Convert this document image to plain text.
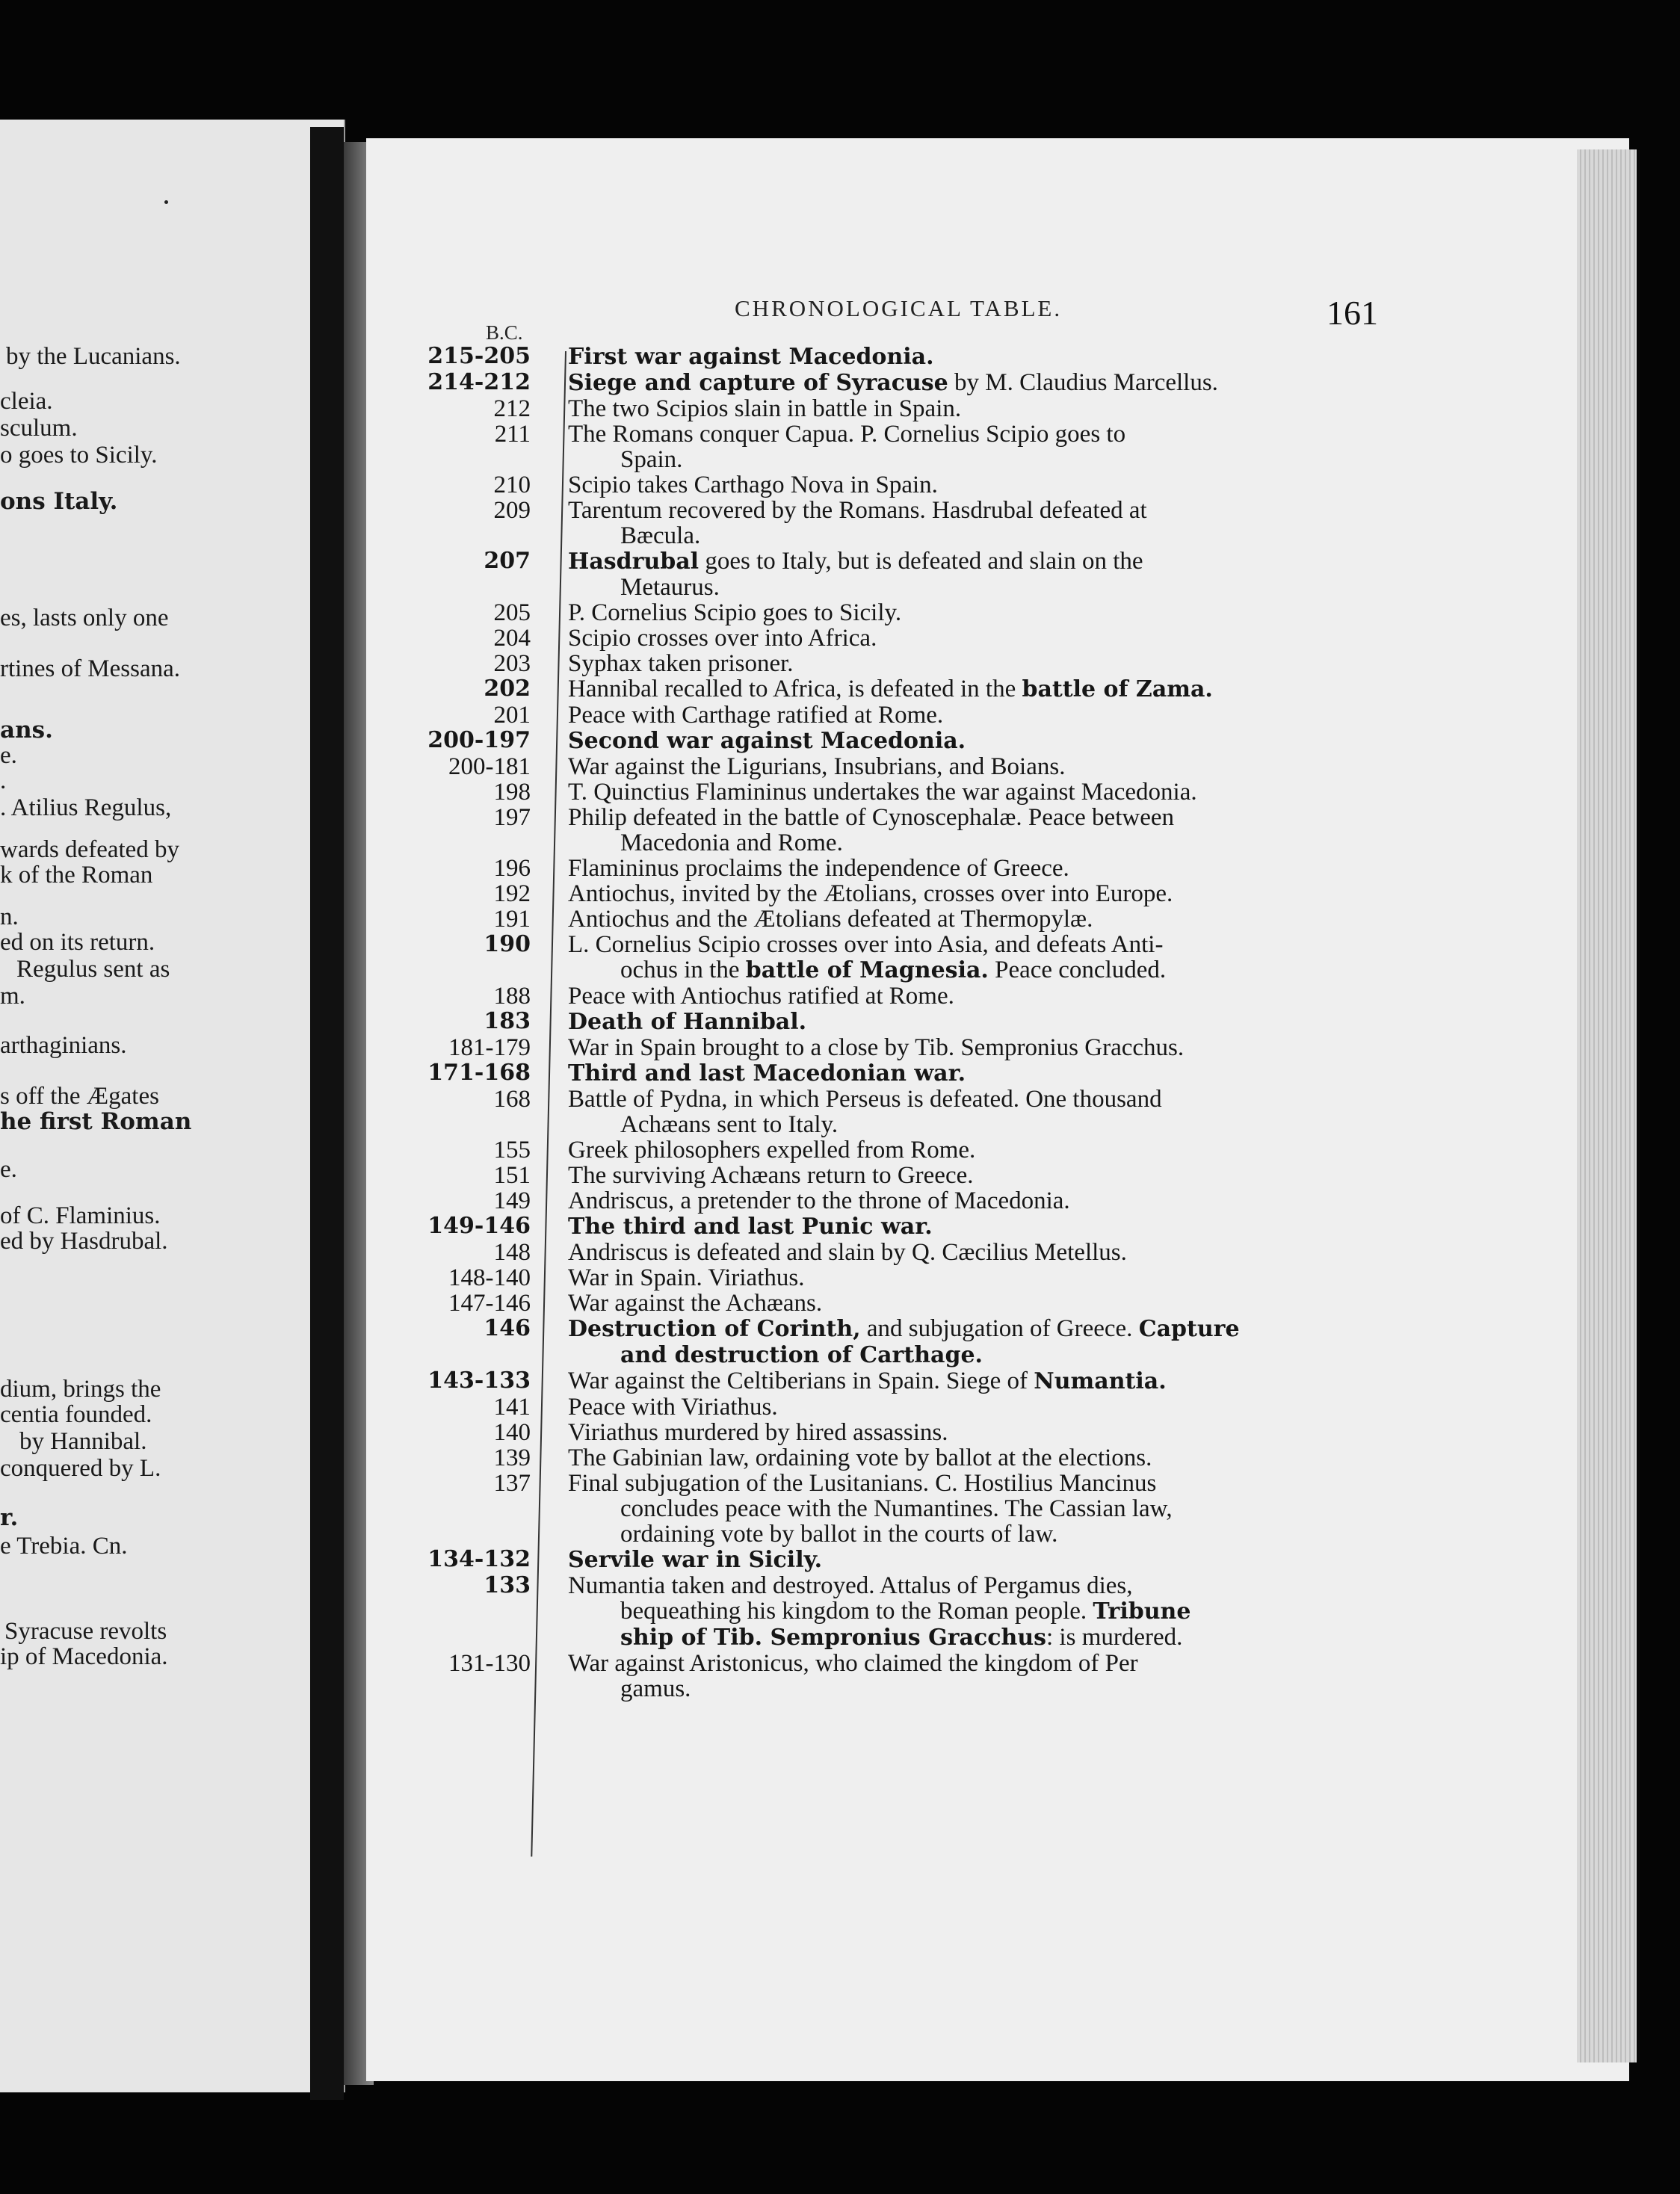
by the Lucanians.
cleia.
sculum.
o goes to Sicily.
ons Italy.
es, lasts only one
rtines of Messana.
ans.
e.
.
. Atilius Regulus,
wards defeated by
k of the Roman
n.
ed on its return.
Regulus sent as
m.
arthaginians.
s off the Ægates
he first Roman
e.
of C. Flaminius.
ed by Hasdrubal.
dium, brings the
centia founded.
by Hannibal.
conquered by L.
r.
e Trebia. Cn.
Syracuse revolts
ip of Macedonia.
CHRONOLOGICAL TABLE.	161
B.C.
215-205 First war against Macedonia.
214-212 Siege and capture of Syracuse by M. Claudius Marcellus.
212 The two Scipios slain in battle in Spain.
211 The Romans conquer Capua. P. Cornelius Scipio goes to
Spain.
210 Scipio takes Carthago Nova in Spain.
209 Tarentum recovered by the Romans. Hasdrubal defeated at
Bæcula.
207 Hasdrubal goes to Italy, but is defeated and slain on the
Metaurus.
205 P. Cornelius Scipio goes to Sicily.
204 Scipio crosses over into Africa.
203 Syphax taken prisoner.
202 Hannibal recalled to Africa, is defeated in the battle of Zama.
201 Peace with Carthage ratified at Rome.
200-197 Second war against Macedonia.
200-181 War against the Ligurians, Insubrians, and Boians.
198 T. Quinctius Flamininus undertakes the war against Macedonia.
197 Philip defeated in the battle of Cynoscephalæ. Peace between
Macedonia and Rome.
196 Flamininus proclaims the independence of Greece.
192 Antiochus, invited by the Ætolians, crosses over into Europe.
191 Antiochus and the Ætolians defeated at Thermopylæ.
190 L. Cornelius Scipio crosses over into Asia, and defeats Anti-
ochus in the battle of Magnesia. Peace concluded.
188 Peace with Antiochus ratified at Rome.
183 Death of Hannibal.
181-179 War in Spain brought to a close by Tib. Sempronius Gracchus.
171-168 Third and last Macedonian war.
168 Battle of Pydna, in which Perseus is defeated. One thousand
Achæans sent to Italy.
155 Greek philosophers expelled from Rome.
151 The surviving Achæans return to Greece.
149 Andriscus, a pretender to the throne of Macedonia.
149-146 The third and last Punic war.
148 Andriscus is defeated and slain by Q. Cæcilius Metellus.
148-140 War in Spain. Viriathus.
147-146 War against the Achæans.
146 Destruction of Corinth, and subjugation of Greece. Capture
and destruction of Carthage.
143-133 War against the Celtiberians in Spain. Siege of Numantia.
141 Peace with Viriathus.
140 Viriathus murdered by hired assassins.
139 The Gabinian law, ordaining vote by ballot at the elections.
137 Final subjugation of the Lusitanians. C. Hostilius Mancinus
concludes peace with the Numantines. The Cassian law,
ordaining vote by ballot in the courts of law.
134-132 Servile war in Sicily.
133 Numantia taken and destroyed. Attalus of Pergamus dies,
bequeathing his kingdom to the Roman people. Tribune
ship of Tib. Sempronius Gracchus: is murdered.
131-130 War against Aristonicus, who claimed the kingdom of Per
gamus.
